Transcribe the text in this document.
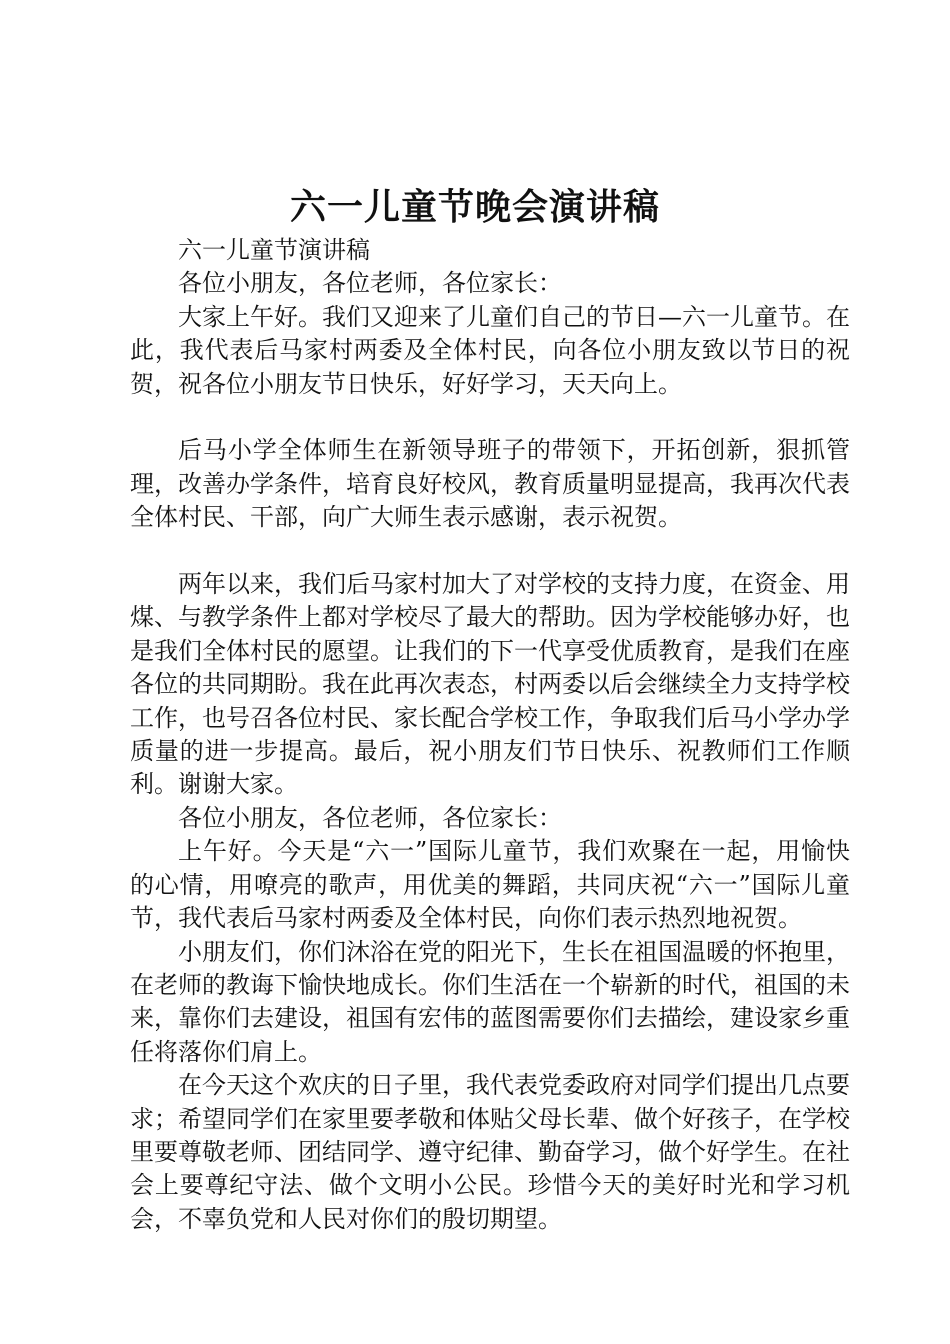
六一儿童节晚会演讲稿

六一儿童节演讲稿

各位小朋友，各位老师，各位家长：

大家上午好。我们又迎来了儿童们自己的节日—六一儿童节。在此，我代表后马家村两委及全体村民，向各位小朋友致以节日的祝贺，祝各位小朋友节日快乐，好好学习，天天向上。

后马小学全体师生在新领导班子的带领下，开拓创新，狠抓管理，改善办学条件，培育良好校风，教育质量明显提高，我再次代表全体村民、干部，向广大师生表示感谢，表示祝贺。

两年以来，我们后马家村加大了对学校的支持力度，在资金、用煤、与教学条件上都对学校尽了最大的帮助。因为学校能够办好，也是我们全体村民的愿望。让我们的下一代享受优质教育，是我们在座各位的共同期盼。我在此再次表态，村两委以后会继续全力支持学校工作，也号召各位村民、家长配合学校工作，争取我们后马小学办学质量的进一步提高。最后，祝小朋友们节日快乐、祝教师们工作顺利。谢谢大家。

各位小朋友，各位老师，各位家长：

上午好。今天是“六一”国际儿童节，我们欢聚在一起，用愉快的心情，用嘹亮的歌声，用优美的舞蹈，共同庆祝“六一”国际儿童节，我代表后马家村两委及全体村民，向你们表示热烈地祝贺。

小朋友们，你们沐浴在党的阳光下，生长在祖国温暖的怀抱里，在老师的教诲下愉快地成长。你们生活在一个崭新的时代，祖国的未来，靠你们去建设，祖国有宏伟的蓝图需要你们去描绘，建设家乡重任将落你们肩上。

在今天这个欢庆的日子里，我代表党委政府对同学们提出几点要求；希望同学们在家里要孝敬和体贴父母长辈、做个好孩子，在学校里要尊敬老师、团结同学、遵守纪律、勤奋学习，做个好学生。在社会上要尊纪守法、做个文明小公民。珍惜今天的美好时光和学习机会，不辜负党和人民对你们的殷切期望。
